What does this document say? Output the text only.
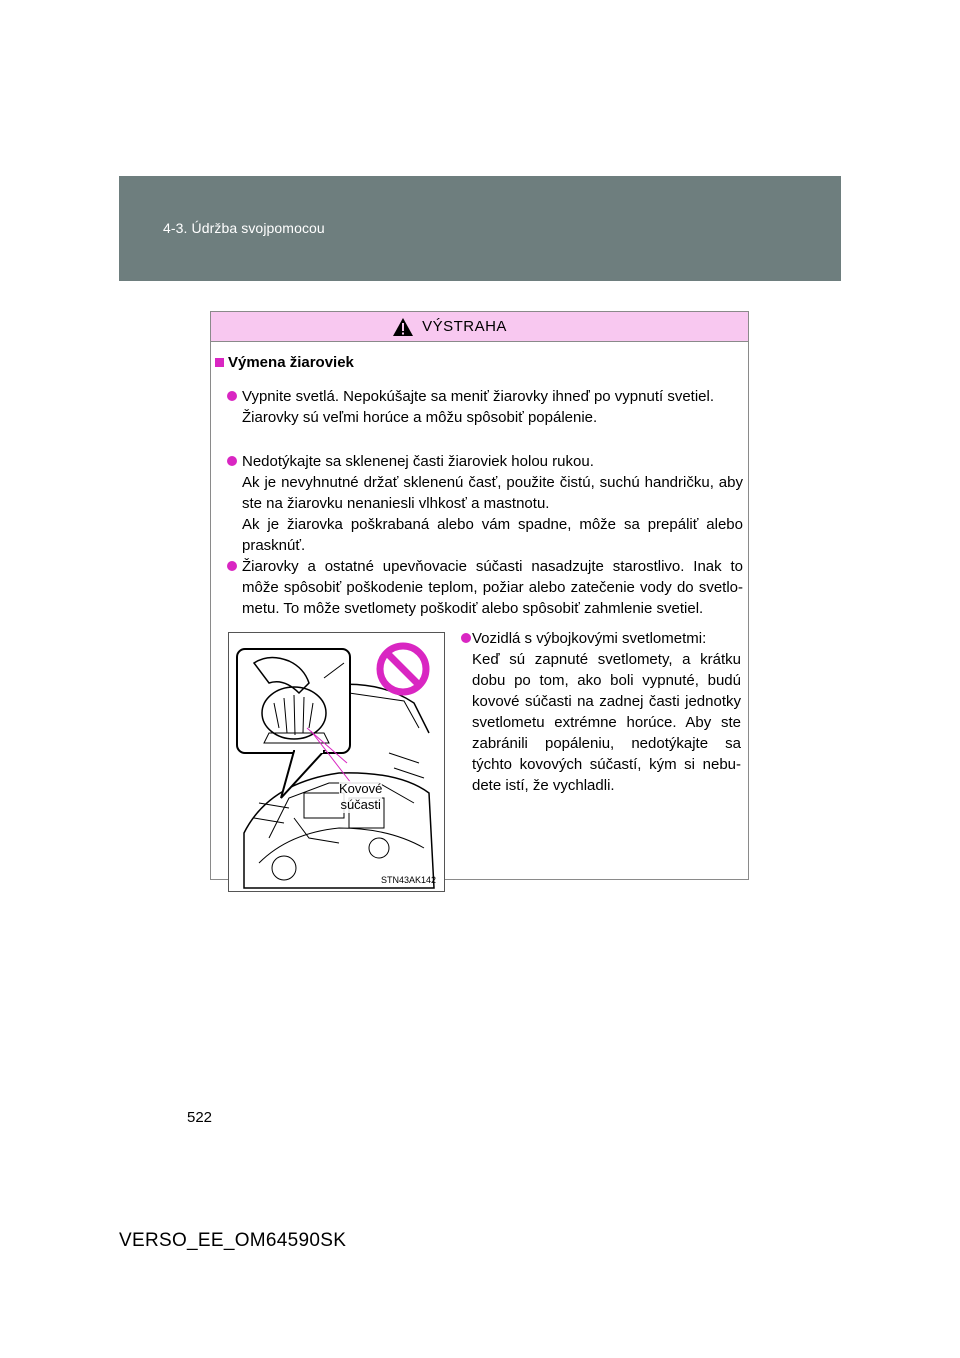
4-3. Údržba svojpomocou
VÝSTRAHA
Výmena žiaroviek

Vypnite svetlá. Nepokúšajte sa meniť žiarovky ihneď po vypnutí svetiel.

Žiarovky sú veľmi horúce a môžu spôsobiť popálenie.

Nedotýkajte sa sklenenej časti žiaroviek holou rukou.

Ak je nevyhnutné držať sklenenú časť, použite čistú, suchú handričku, aby

ste na žiarovku nenaniesli vlhkosť a mastnotu.

Ak je žiarovka poškrabaná alebo vám spadne, môže sa prepáliť alebo

prasknúť.

Žiarovky a ostatné upevňovacie súčasti nasadzujte starostlivo. Inak to

môže spôsobiť poškodenie teplom, požiar alebo zatečenie vody do svetlo-

metu. To môže svetlomety poškodiť alebo spôsobiť zahmlenie svetiel.

Kovové
súčasti
STN43AK142

Vozidlá s výbojkovými svetlometmi:

Keď sú zapnuté svetlomety, a krátku

dobu po tom, ako boli vypnuté, budú

kovové súčasti na zadnej časti jednotky

svetlometu extrémne horúce. Aby ste

zabránili popáleniu, nedotýkajte sa

týchto kovových súčastí, kým si nebu-

dete istí, že vychladli.

522
VERSO_EE_OM64590SK
